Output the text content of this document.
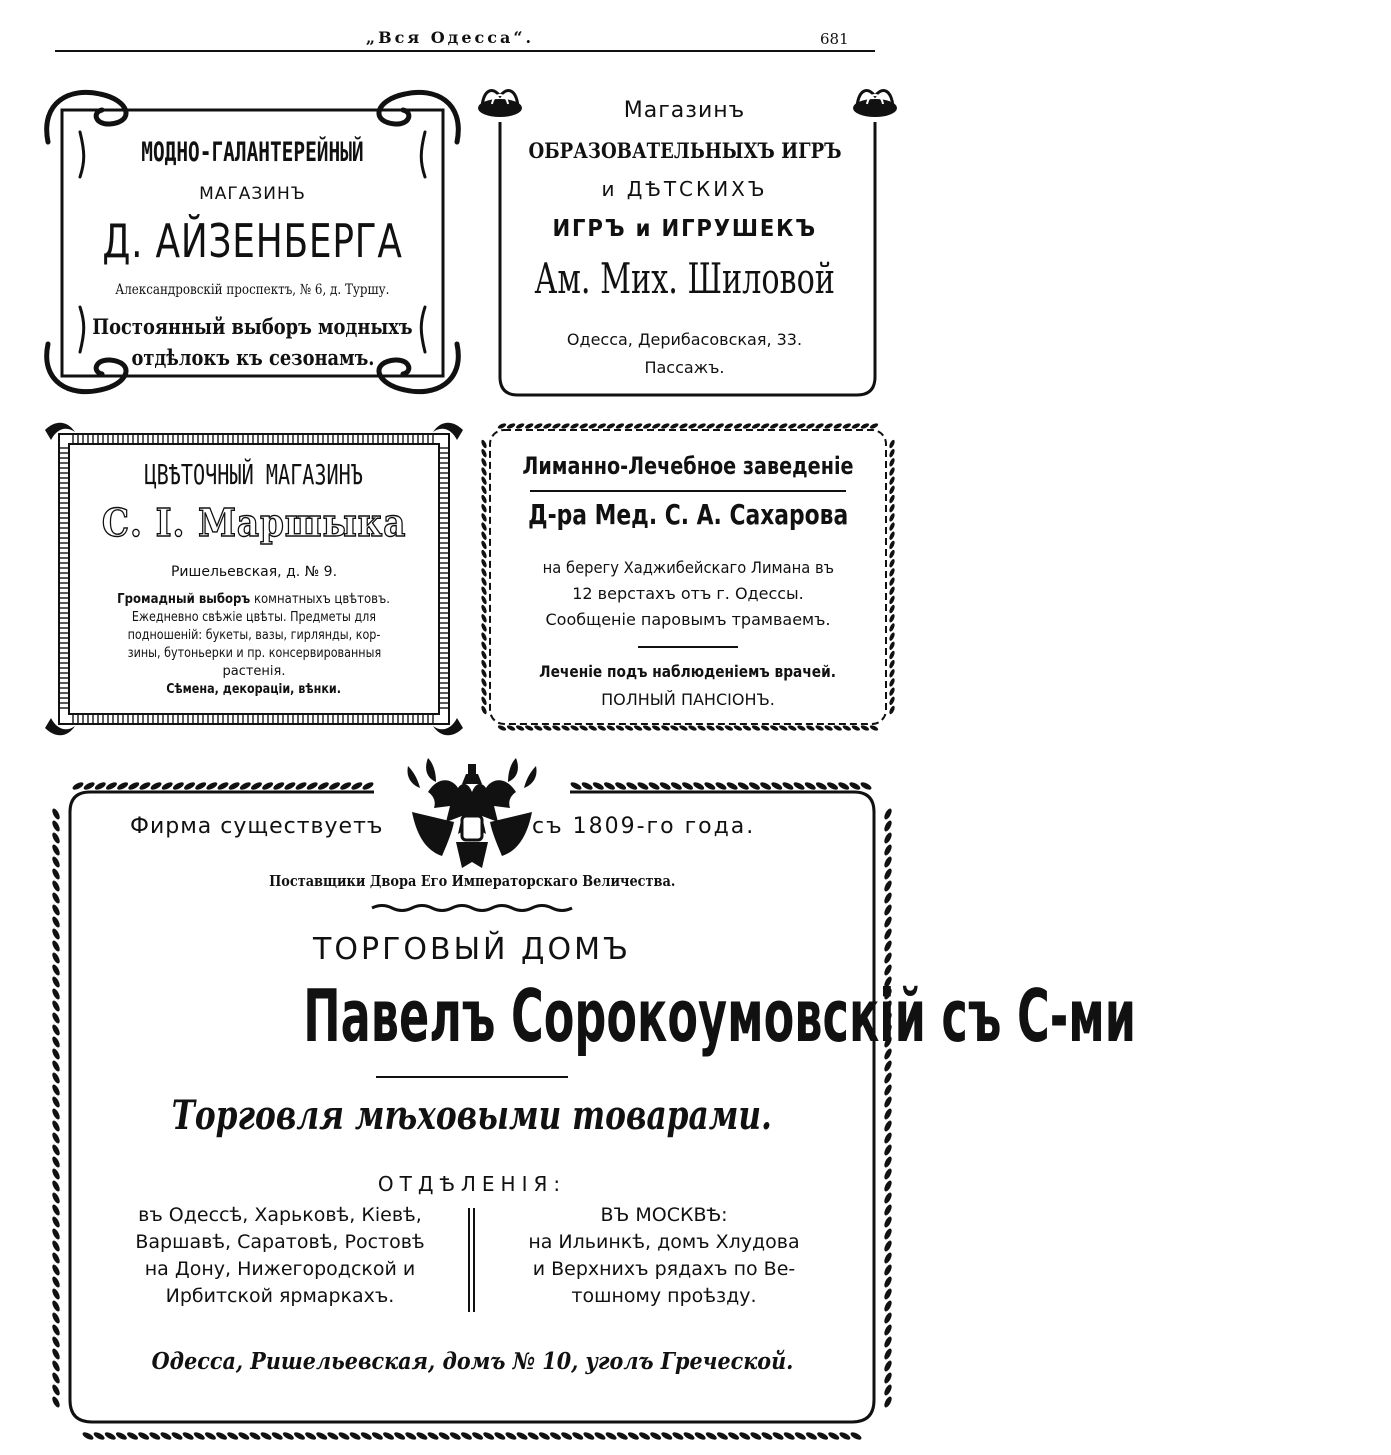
„Вся Одесса“.	681
МОДНО-ГАЛАНТЕРЕЙНЫЙ
МАГАЗИНЪ
Д. АЙЗЕНБЕРГА
Александровскій проспектъ, № 6, д. Туршу.
Постоянный выборъ модныхъ
отдѣлокъ къ сезонамъ.
Магазинъ
ОБРАЗОВАТЕЛЬНЫХЪ ИГРЪ
и ДѢТСКИХЪ
ИГРЪ и ИГРУШЕКЪ
Ам. Мих. Шиловой
Одесса, Дерибасовская, 33.
Пассажъ.
ЦВѢТОЧНЫЙ МАГАЗИНЪ
С. І. Маршыка
Ришельевская, д. № 9.
Громадный выборъ комнатныхъ цвѣтовъ.
Ежедневно свѣжіе цвѣты. Предметы для
подношеній: букеты, вазы, гирлянды, кор-
зины, бутоньерки и пр. консервированныя
растенія.
Сѣмена, декораціи, вѣнки.
Лиманно-Лечебное заведеніе
Д-ра Мед. С. А. Сахарова
на берегу Хаджибейскаго Лимана въ
12 верстахъ отъ г. Одессы.
Сообщеніе паровымъ трамваемъ.
Леченіе подъ наблюденіемъ врачей.
ПОЛНЫЙ ПАНСІОНЪ.
Фирма существуетъ	съ 1809-го года.
Поставщики Двора Его Императорскаго Величества.
ТОРГОВЫЙ ДОМЪ
Павелъ Сорокоумовскій съ С-ми
Торговля мѣховыми товарами.
ОТДѢЛЕНІЯ:
въ Одессѣ, Харьковѣ, Кіевѣ,
Варшавѣ, Саратовѣ, Ростовѣ
на Дону, Нижегородской и
Ирбитской ярмаркахъ.
ВЪ МОСКВѢ:
на Ильинкѣ, домъ Хлудова
и Верхнихъ рядахъ по Ве-
тошному проѣзду.
Одесса, Ришельевская, домъ № 10, уголъ Греческой.
